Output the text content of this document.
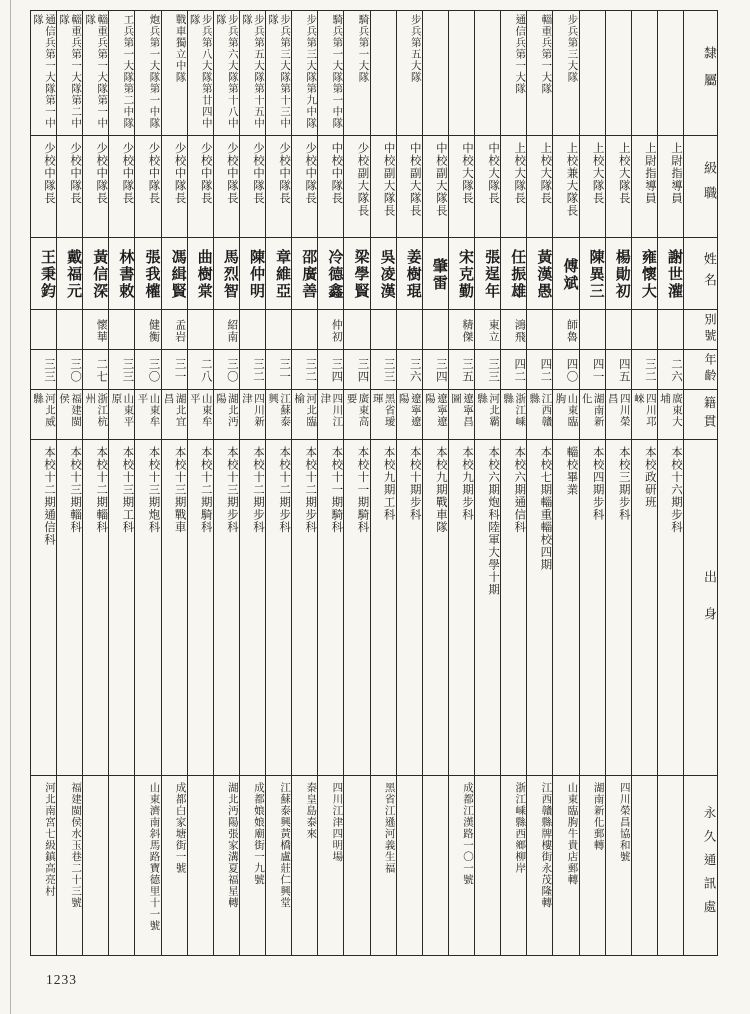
隸屬
級職
姓名
別號
年齡
籍貫
出身
永久通訊處
上尉指導員
謝世灌
二六
廣東大埔
本校十六期步科
上尉指導員
雍懷大
三二
四川邛崍
本校政研班
上校大隊長
楊勛初
四五
四川榮昌
本校三期步科
四川榮昌協和號
上校大隊長
陳異三
四一
湖南新化
本校四期步科
湖南新化郵轉
步兵第三大隊
上校兼大隊長
傅斌
師魯
四〇
山東臨朐
輜校畢業
山東臨朐牛貴店郵轉
輜重兵第一大隊
上校大隊長
黃漢愚
四二
江西贛縣
本校七期輜重輜校四期
江西贛縣牌樓街永茂隆轉
通信兵第一大隊
上校大隊長
任振雄
鴻飛
四二
浙江嵊縣
本校六期通信科
浙江嵊縣西鄉柳岸
中校大隊長
張逞年
東立
三三
河北霸縣
本校六期炮科陸軍大學十期
中校大隊長
宋克勤
精傑
三五
遼寧昌圖
本校九期步科
成都江漢路一〇一號
中校副大隊長
肇雷
三四
遼寧遼陽
本校九期戰車隊
步兵第五大隊
中校副大隊長
姜樹琨
三六
遼寧遼陽
本校十期步科
中校副大隊長
吳凌漢
三三
黑省璦琿
本校九期工科
黑省江遜河義生福
騎兵第一大隊
少校副大隊長
梁學賢
三四
廣東高要
本校十一期騎科
騎兵第一大隊第一中隊
中校中隊長
冷德鑫
仲初
三四
四川江津
本校十一期騎科
四川江津四明場
步兵第三大隊第九中隊
少校中隊長
邵廣善
三二
河北臨榆
本校十二期步科
秦皇島泰來
步兵第三大隊第十三中隊
少校中隊長
章維亞
三一
江蘇泰興
本校十二期步科
江蘇泰興黃橋盧莊仁興堂
步兵第五大隊第十五中隊
少校中隊長
陳仲明
三二
四川新津
本校十二期步科
成都娘娘廟街一九號
步兵第六大隊第十八中隊
少校中隊長
馬烈智
紹南
三〇
湖北沔陽
本校十三期步科
湖北沔陽張家溝夏福星轉
步兵第八大隊第廿四中隊
少校中隊長
曲樹棠
二八
山東牟平
本校十二期騎科
戰車獨立中隊
少校中隊長
馮緝賢
孟岩
三一
湖北宜昌
本校十三期戰車
成都白家塘街一號
炮兵第一大隊第一中隊
少校中隊長
張我權
健衡
三〇
山東牟平
本校十三期炮科
山東濟南斜馬路寶德里十一號
工兵第一大隊第二中隊
少校中隊長
林書敕
三三
山東平原
本校十三期工科
輜重兵第一大隊第一中隊
少校中隊長
黃信深
懷華
二七
浙江杭州
本校十二期輜科
輜重兵第一大隊第二中隊
少校中隊長
戴福元
三〇
福建閩侯
本校十三期輜科
福建閩侯水玉巷二十三號
通信兵第一大隊第一中隊
少校中隊長
王秉鈞
三三
河北威縣
本校十二期通信科
河北南宮七級鎮高亮村
1233
